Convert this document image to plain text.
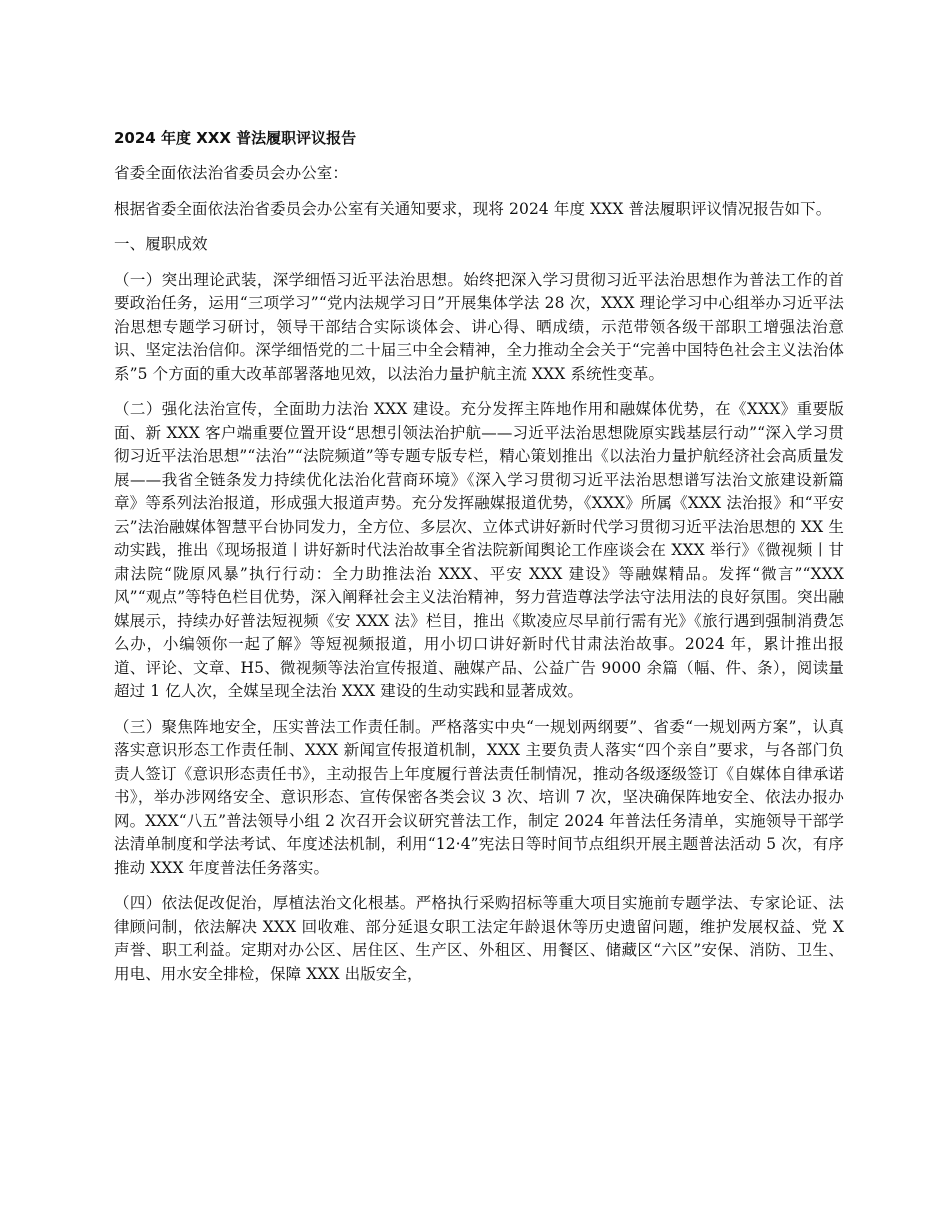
2024 年度 XXX 普法履职评议报告
省委全面依法治省委员会办公室：
根据省委全面依法治省委员会办公室有关通知要求，现将 2024 年度 XXX 普法履职评议情况报告如下。
一、履职成效
（一）突出理论武装，深学细悟习近平法治思想。始终把深入学习贯彻习近平法治思想作为普法工作的首要政治任务，运用“三项学习”“党内法规学习日”开展集体学法 28 次，XXX 理论学习中心组举办习近平法治思想专题学习研讨，领导干部结合实际谈体会、讲心得、晒成绩，示范带领各级干部职工增强法治意识、坚定法治信仰。深学细悟党的二十届三中全会精神，全力推动全会关于“完善中国特色社会主义法治体系”5 个方面的重大改革部署落地见效，以法治力量护航主流 XXX 系统性变革。
（二）强化法治宣传，全面助力法治 XXX 建设。充分发挥主阵地作用和融媒体优势，在《XXX》重要版面、新 XXX 客户端重要位置开设“思想引领法治护航——习近平法治思想陇原实践基层行动”“深入学习贯彻习近平法治思想”“法治”“法院频道”等专题专版专栏，精心策划推出《以法治力量护航经济社会高质量发展——我省全链条发力持续优化法治化营商环境》《深入学习贯彻习近平法治思想谱写法治文旅建设新篇章》等系列法治报道，形成强大报道声势。充分发挥融媒报道优势，《XXX》所属《XXX 法治报》和“平安云”法治融媒体智慧平台协同发力，全方位、多层次、立体式讲好新时代学习贯彻习近平法治思想的 XX 生动实践，推出《现场报道丨讲好新时代法治故事全省法院新闻舆论工作座谈会在 XXX 举行》《微视频丨甘肃法院“陇原风暴”执行行动：全力助推法治 XXX、平安 XXX 建设》等融媒精品。发挥“微言”“XXX 风”“观点”等特色栏目优势，深入阐释社会主义法治精神，努力营造尊法学法守法用法的良好氛围。突出融媒展示，持续办好普法短视频《安 XXX 法》栏目，推出《欺凌应尽早前行需有光》《旅行遇到强制消费怎么办，小编领你一起了解》等短视频报道，用小切口讲好新时代甘肃法治故事。2024 年，累计推出报道、评论、文章、H5、微视频等法治宣传报道、融媒产品、公益广告 9000 余篇（幅、件、条），阅读量超过 1 亿人次，全媒呈现全法治 XXX 建设的生动实践和显著成效。
（三）聚焦阵地安全，压实普法工作责任制。严格落实中央“一规划两纲要”、省委“一规划两方案”，认真落实意识形态工作责任制、XXX 新闻宣传报道机制，XXX 主要负责人落实“四个亲自”要求，与各部门负责人签订《意识形态责任书》，主动报告上年度履行普法责任制情况，推动各级逐级签订《自媒体自律承诺书》，举办涉网络安全、意识形态、宣传保密各类会议 3 次、培训 7 次，坚决确保阵地安全、依法办报办网。XXX“八五”普法领导小组 2 次召开会议研究普法工作，制定 2024 年普法任务清单，实施领导干部学法清单制度和学法考试、年度述法机制，利用“12·4”宪法日等时间节点组织开展主题普法活动 5 次，有序推动 XXX 年度普法任务落实。
（四）依法促改促治，厚植法治文化根基。严格执行采购招标等重大项目实施前专题学法、专家论证、法律顾问制，依法解决 XXX 回收难、部分延退女职工法定年龄退休等历史遗留问题，维护发展权益、党 X 声誉、职工利益。定期对办公区、居住区、生产区、外租区、用餐区、储藏区“六区”安保、消防、卫生、用电、用水安全排检，保障 XXX 出版安全，
